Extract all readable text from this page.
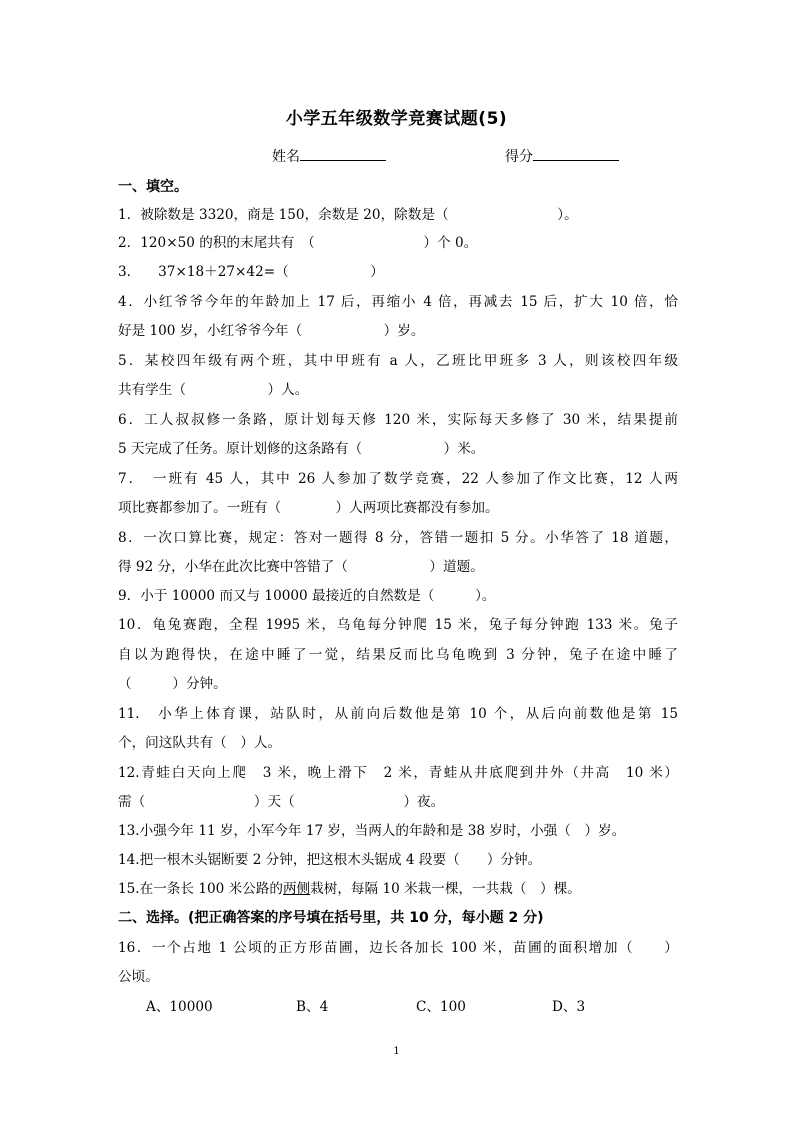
小学五年级数学竞赛试题(5)
姓名	得分
一、填空。
1．被除数是 3320，商是 150，余数是 20，除数是（　　　　　　　　）。
2．120×50 的积的末尾共有　（　　　　　　　　）个 0。
3.　　37×18＋27×42=（　　　　　　）
4．小红爷爷今年的年龄加上 17 后，再缩小 4 倍，再减去 15 后，扩大 10 倍，恰
好是 100 岁，小红爷爷今年（　　　　　　）岁。
5．某校四年级有两个班，其中甲班有 a 人，乙班比甲班多 3 人，则该校四年级
共有学生（　　　　　　）人。
6．工人叔叔修一条路，原计划每天修 120 米，实际每天多修了 30 米，结果提前
5 天完成了任务。原计划修的这条路有（　　　　　　）米。
7．　一班有 45 人，其中 26 人参加了数学竞赛，22 人参加了作文比赛，12 人两
项比赛都参加了。一班有（　　　　）人两项比赛都没有参加。
8．一次口算比赛，规定：答对一题得 8 分，答错一题扣 5 分。小华答了 18 道题，
得 92 分，小华在此次比赛中答错了（　　　　　　）道题。
9．小于 10000 而又与 10000 最接近的自然数是（　　　）。
10．龟兔赛跑，全程 1995 米，乌龟每分钟爬 15 米，兔子每分钟跑 133 米。兔子
自以为跑得快，在途中睡了一觉，结果反而比乌龟晚到 3 分钟，兔子在途中睡了
（　　　）分钟。
11.　小华上体育课，站队时，从前向后数他是第 10 个，从后向前数他是第 15
个，问这队共有（　）人。
12.青蛙白天向上爬　3 米，晚上滑下　2 米，青蛙从井底爬到井外（井高　10 米）
需（　　　　　　　　）天（　　　　　　　　）夜。
13.小强今年 11 岁，小军今年 17 岁，当两人的年龄和是 38 岁时，小强（　）岁。
14.把一根木头锯断要 2 分钟，把这根木头锯成 4 段要（　　）分钟。
15.在一条长 100 米公路的两侧栽树，每隔 10 米栽一棵，一共栽（　）棵。
二、选择。(把正确答案的序号填在括号里，共 10 分，每小题 2 分)
16．一个占地 1 公顷的正方形苗圃，边长各加长 100 米，苗圃的面积增加（　　）
公顷。
A、10000	B、4	C、100	D、3
1
